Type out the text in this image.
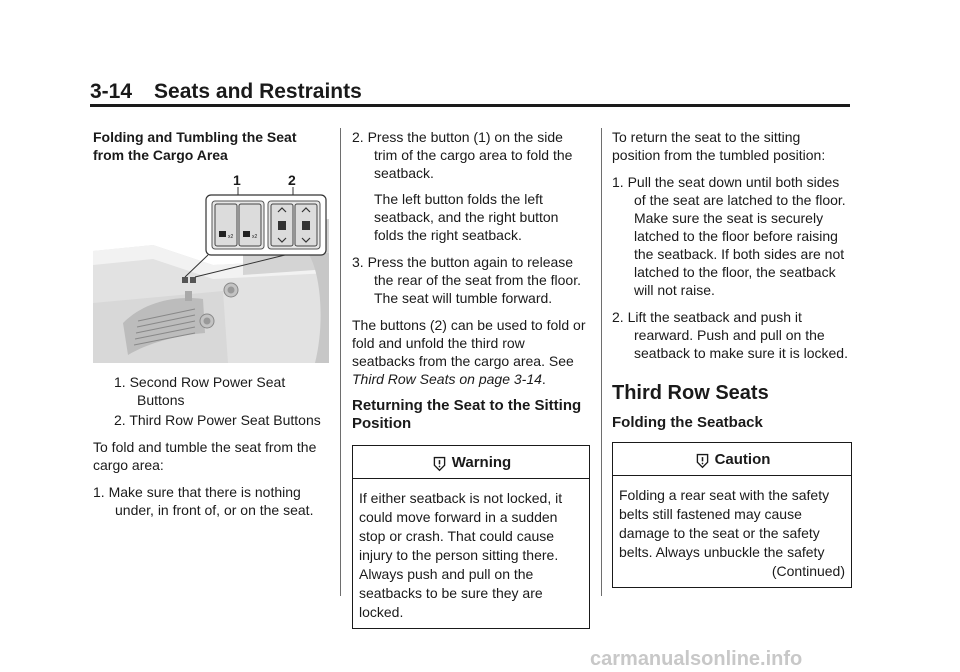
3-14 Seats and Restraints

Folding and Tumbling the Seat from the Cargo Area

x2	x2
1	2

1. Second Row Power Seat Buttons

2. Third Row Power Seat Buttons

To fold and tumble the seat from the cargo area:

1. Make sure that there is nothing under, in front of, or on the seat.

2. Press the button (1) on the side trim of the cargo area to fold the seatback.
The left button folds the left seatback, and the right button folds the right seatback.

3. Press the button again to release the rear of the seat from the floor. The seat will tumble forward.

The buttons (2) can be used to fold or fold and unfold the third row seatbacks from the cargo area. See Third Row Seats on page 3-14.

Returning the Seat to the Sitting Position

Warning
If either seatback is not locked, it could move forward in a sudden stop or crash. That could cause injury to the person sitting there. Always push and pull on the seatbacks to be sure they are locked.

To return the seat to the sitting position from the tumbled position:

1. Pull the seat down until both sides of the seat are latched to the floor. Make sure the seat is securely latched to the floor before raising the seatback. If both sides are not latched to the floor, the seatback will not raise.

2. Lift the seatback and push it rearward. Push and pull on the seatback to make sure it is locked.

Third Row Seats

Folding the Seatback

Caution
Folding a rear seat with the safety belts still fastened may cause damage to the seat or the safety belts. Always unbuckle the safety
(Continued)
carmanualsonline.info
